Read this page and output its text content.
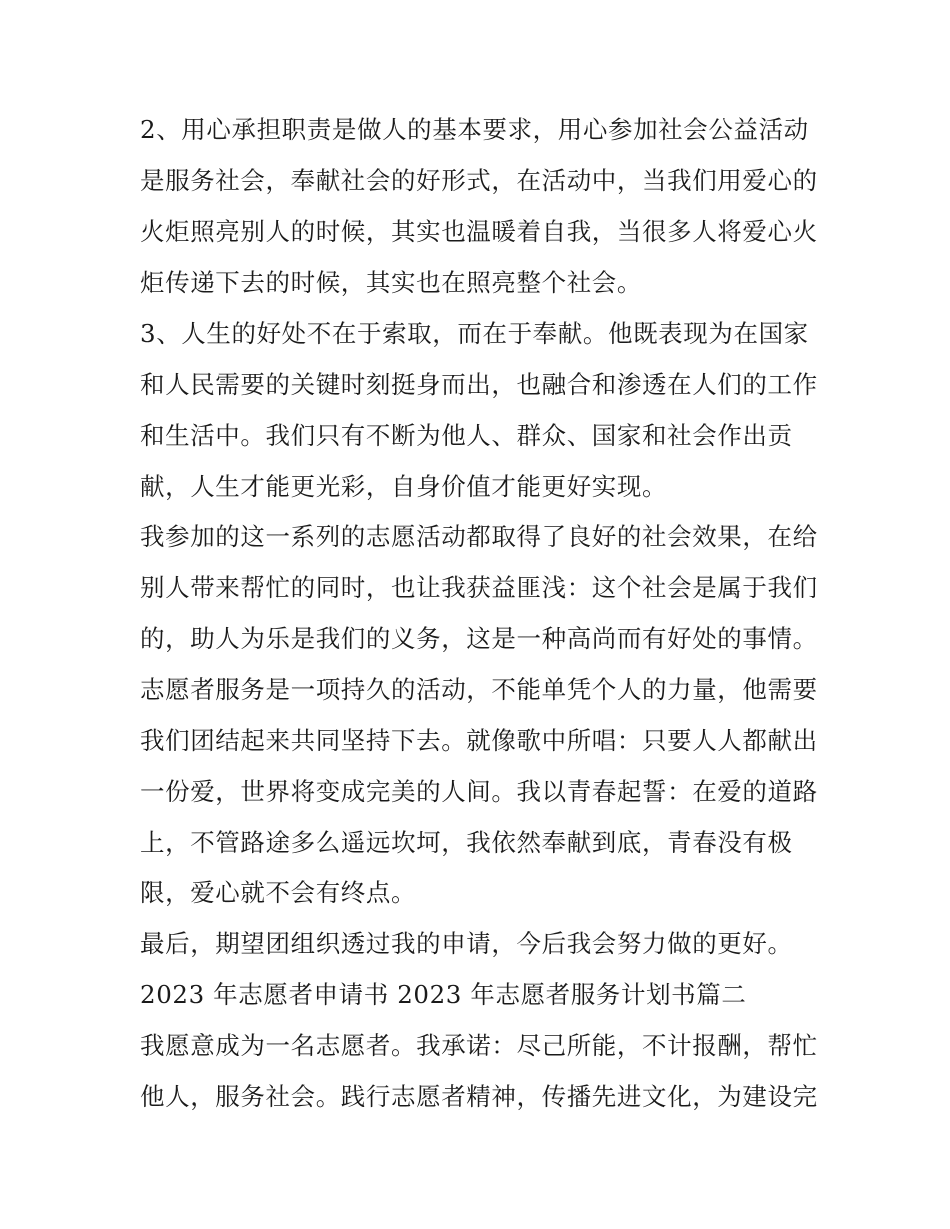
2、用心承担职责是做人的基本要求，用心参加社会公益活动
是服务社会，奉献社会的好形式，在活动中，当我们用爱心的
火炬照亮别人的时候，其实也温暖着自我，当很多人将爱心火
炬传递下去的时候，其实也在照亮整个社会。
3、人生的好处不在于索取，而在于奉献。他既表现为在国家
和人民需要的关键时刻挺身而出，也融合和渗透在人们的工作
和生活中。我们只有不断为他人、群众、国家和社会作出贡
献，人生才能更光彩，自身价值才能更好实现。
我参加的这一系列的志愿活动都取得了良好的社会效果，在给
别人带来帮忙的同时，也让我获益匪浅：这个社会是属于我们
的，助人为乐是我们的义务，这是一种高尚而有好处的事情。
志愿者服务是一项持久的活动，不能单凭个人的力量，他需要
我们团结起来共同坚持下去。就像歌中所唱：只要人人都献出
一份爱，世界将变成完美的人间。我以青春起誓：在爱的道路
上，不管路途多么遥远坎坷，我依然奉献到底，青春没有极
限，爱心就不会有终点。
最后，期望团组织透过我的申请，今后我会努力做的更好。
2023 年志愿者申请书 2023 年志愿者服务计划书篇二
我愿意成为一名志愿者。我承诺：尽己所能，不计报酬，帮忙
他人，服务社会。践行志愿者精神，传播先进文化，为建设完
